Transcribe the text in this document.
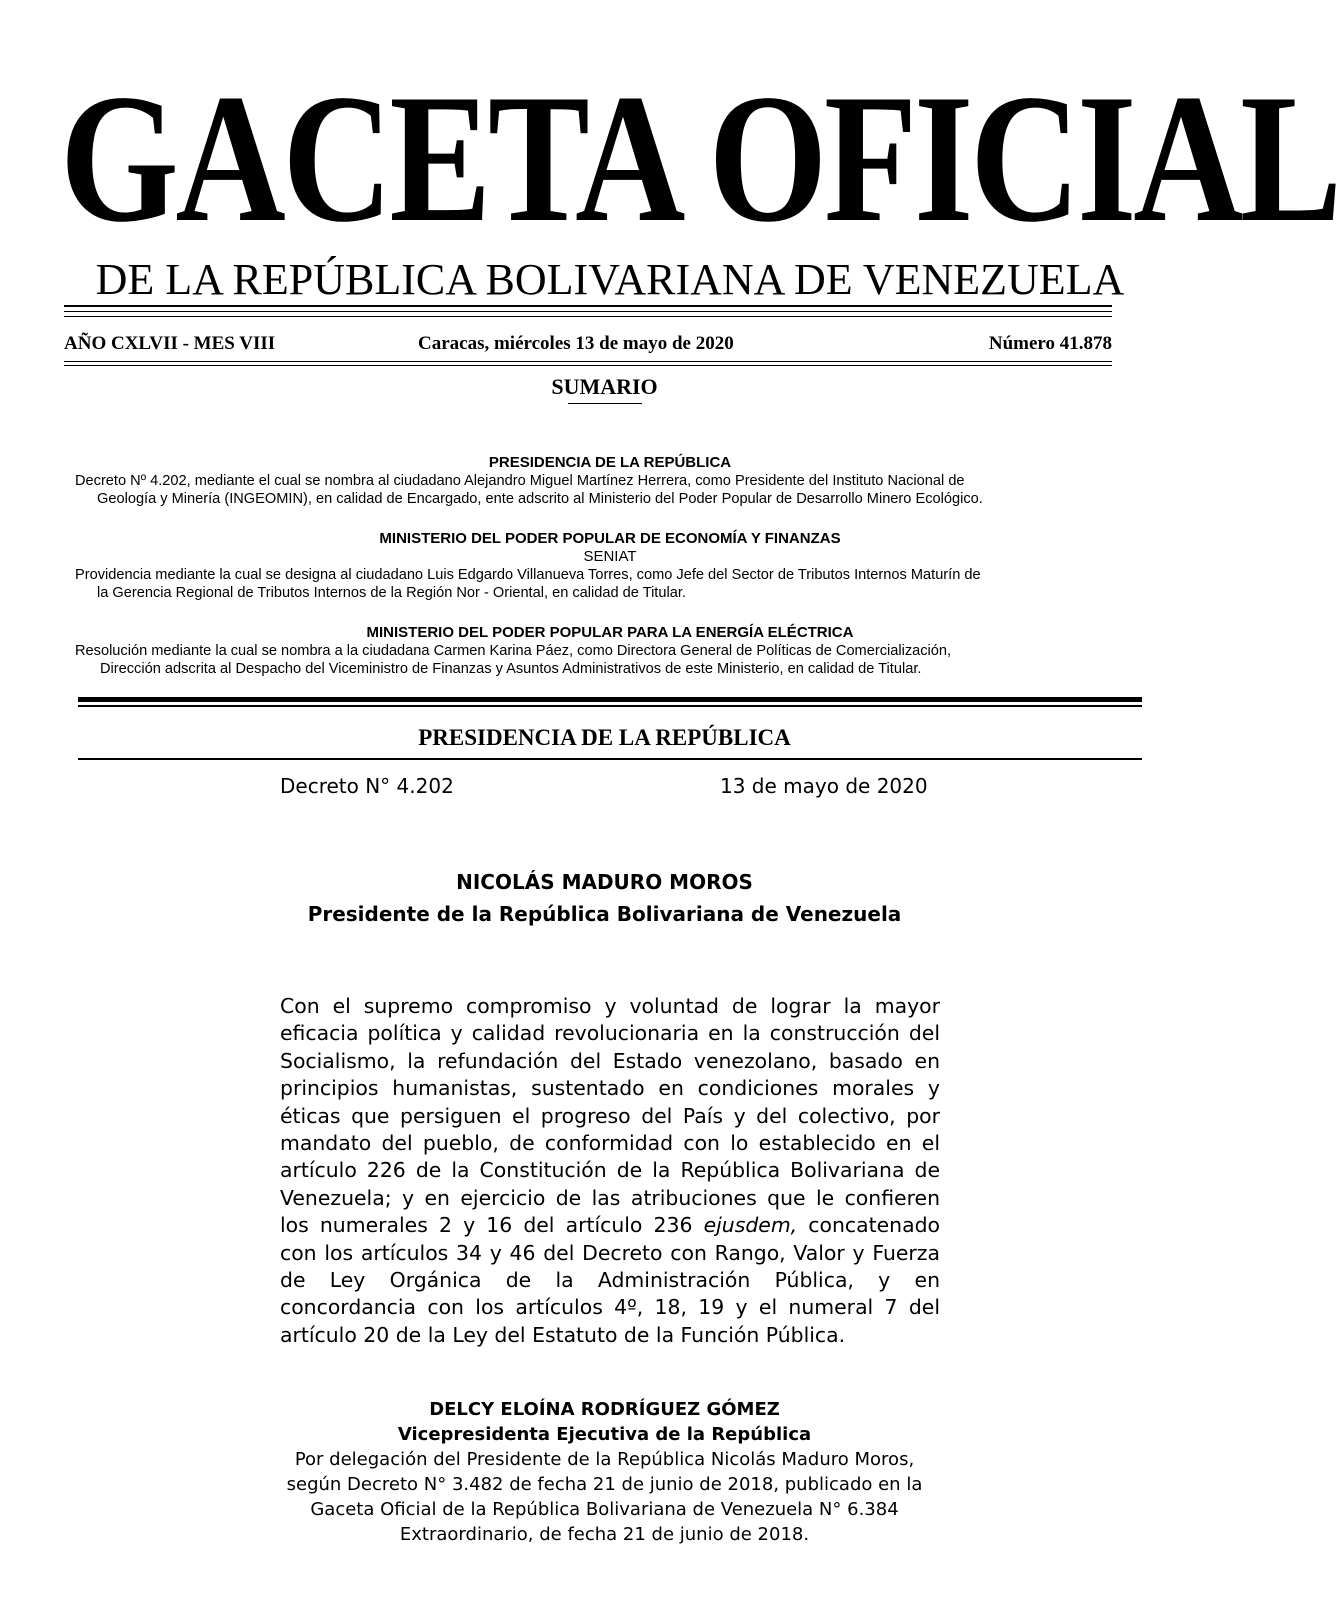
GACETA OFICIAL
DE LA REPÚBLICA BOLIVARIANA DE VENEZUELA
AÑO CXLVII - MES VIII	Caracas, miércoles 13 de mayo de 2020	Número 41.878
SUMARIO
PRESIDENCIA DE LA REPÚBLICA
Decreto Nº 4.202, mediante el cual se nombra al ciudadano Alejandro Miguel Martínez Herrera, como Presidente del Instituto Nacional de
Geología y Minería (INGEOMIN), en calidad de Encargado, ente adscrito al Ministerio del Poder Popular de Desarrollo Minero Ecológico.
MINISTERIO DEL PODER POPULAR DE ECONOMÍA Y FINANZAS
SENIAT
Providencia mediante la cual se designa al ciudadano Luis Edgardo Villanueva Torres, como Jefe del Sector de Tributos Internos Maturín de
la Gerencia Regional de Tributos Internos de la Región Nor - Oriental, en calidad de Titular.
MINISTERIO DEL PODER POPULAR PARA LA ENERGÍA ELÉCTRICA
Resolución mediante la cual se nombra a la ciudadana Carmen Karina Páez, como Directora General de Políticas de Comercialización,
Dirección adscrita al Despacho del Viceministro de Finanzas y Asuntos Administrativos de este Ministerio, en calidad de Titular.
PRESIDENCIA DE LA REPÚBLICA
Decreto N° 4.202	13 de mayo de 2020
NICOLÁS MADURO MOROS
Presidente de la República Bolivariana de Venezuela
Con el supremo compromiso y voluntad de lograr la mayor
eficacia política y calidad revolucionaria en la construcción del
Socialismo, la refundación del Estado venezolano, basado en
principios humanistas, sustentado en condiciones morales y
éticas que persiguen el progreso del País y del colectivo, por
mandato del pueblo, de conformidad con lo establecido en el
artículo 226 de la Constitución de la República Bolivariana de
Venezuela; y en ejercicio de las atribuciones que le confieren
los numerales 2 y 16 del artículo 236 ejusdem, concatenado
con los artículos 34 y 46 del Decreto con Rango, Valor y Fuerza
de Ley Orgánica de la Administración Pública, y en
concordancia con los artículos 4º, 18, 19 y el numeral 7 del
artículo 20 de la Ley del Estatuto de la Función Pública.
DELCY ELOÍNA RODRÍGUEZ GÓMEZ
Vicepresidenta Ejecutiva de la República
Por delegación del Presidente de la República Nicolás Maduro Moros,
según Decreto N° 3.482 de fecha 21 de junio de 2018, publicado en la
Gaceta Oficial de la República Bolivariana de Venezuela N° 6.384
Extraordinario, de fecha 21 de junio de 2018.
